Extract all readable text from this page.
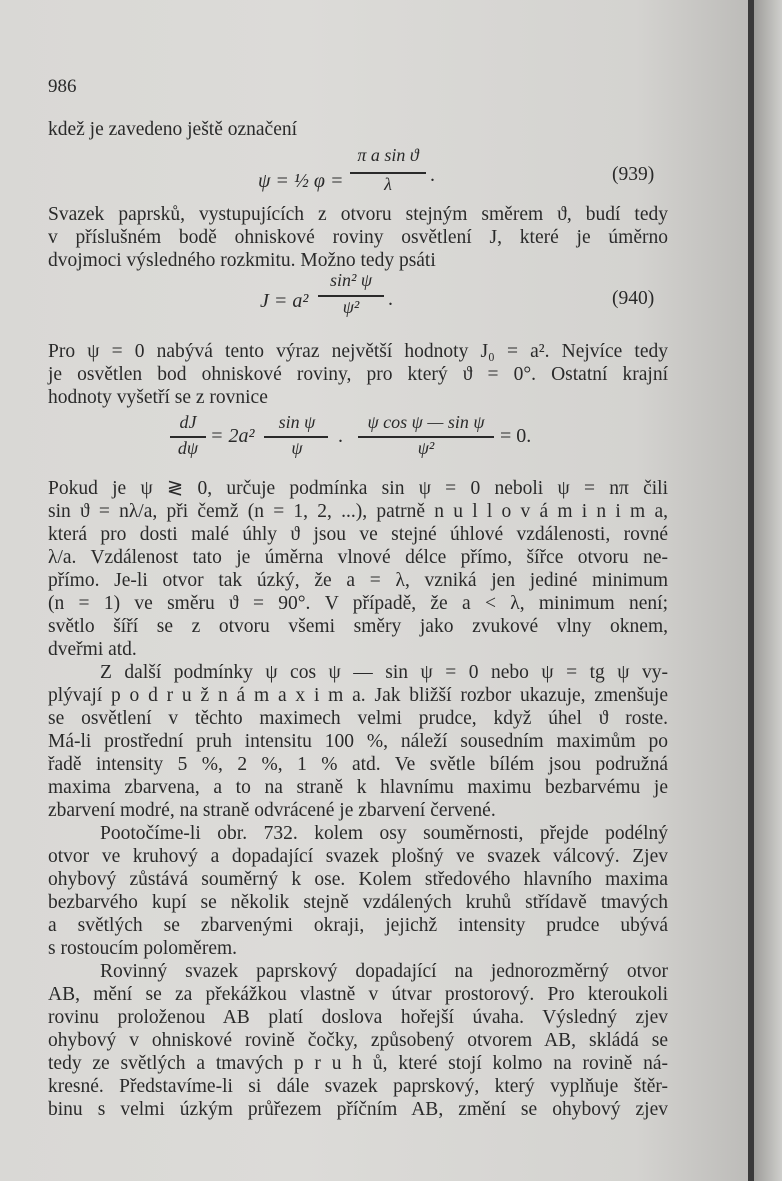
986
kdež je zavedeno ještě označení
ψ = ½ φ =
π a sin ϑ
λ	.	(939)
Svazek paprsků, vystupujících z otvoru stejným směrem ϑ, budí tedy
v příslušném bodě ohniskové roviny osvětlení J, které je úměrno
dvojmoci výsledného rozkmitu. Možno tedy psáti
J = a²
sin² ψ
ψ²	.	(940)
Pro ψ = 0 nabývá tento výraz největší hodnoty J₀ = a². Nejvíce tedy
je osvětlen bod ohniskové roviny, pro který ϑ = 0°. Ostatní krajní
hodnoty vyšetří se z rovnice
dJ
dψ
= 2a²
sin ψ
ψ
.
ψ cos ψ — sin ψ
ψ²
= 0.
Pokud je ψ ≷ 0, určuje podmínka sin ψ = 0 neboli ψ = nπ čili
sin ϑ = nλ/a, při čemž (n = 1, 2, ...), patrně n u l l o v á m i n i m a,
která pro dosti malé úhly ϑ jsou ve stejné úhlové vzdálenosti, rovné
λ/a. Vzdálenost tato je úměrna vlnové délce přímo, šířce otvoru ne-
přímo. Je-li otvor tak úzký, že a = λ, vzniká jen jediné minimum
(n = 1) ve směru ϑ = 90°. V případě, že a < λ, minimum není;
světlo šíří se z otvoru všemi směry jako zvukové vlny oknem,
dveřmi atd.
Z další podmínky ψ cos ψ — sin ψ = 0 nebo ψ = tg ψ vy-
plývají p o d r u ž n á m a x i m a. Jak bližší rozbor ukazuje, zmenšuje
se osvětlení v těchto maximech velmi prudce, když úhel ϑ roste.
Má-li prostřední pruh intensitu 100 %, náleží sousedním maximům po
řadě intensity 5 %, 2 %, 1 % atd. Ve světle bílém jsou podružná
maxima zbarvena, a to na straně k hlavnímu maximu bezbarvému je
zbarvení modré, na straně odvrácené je zbarvení červené.
Pootočíme-li obr. 732. kolem osy souměrnosti, přejde podélný
otvor ve kruhový a dopadající svazek plošný ve svazek válcový. Zjev
ohybový zůstává souměrný k ose. Kolem středového hlavního maxima
bezbarvého kupí se několik stejně vzdálených kruhů střídavě tmavých
a světlých se zbarvenými okraji, jejichž intensity prudce ubývá
s rostoucím poloměrem.
Rovinný svazek paprskový dopadající na jednorozměrný otvor
AB, mění se za překážkou vlastně v útvar prostorový. Pro kteroukoli
rovinu proloženou AB platí doslova hořejší úvaha. Výsledný zjev
ohybový v ohniskové rovině čočky, způsobený otvorem AB, skládá se
tedy ze světlých a tmavých p r u h ů, které stojí kolmo na rovině ná-
kresné. Představíme-li si dále svazek paprskový, který vyplňuje štěr-
binu s velmi úzkým průřezem příčním AB, změní se ohybový zjev
